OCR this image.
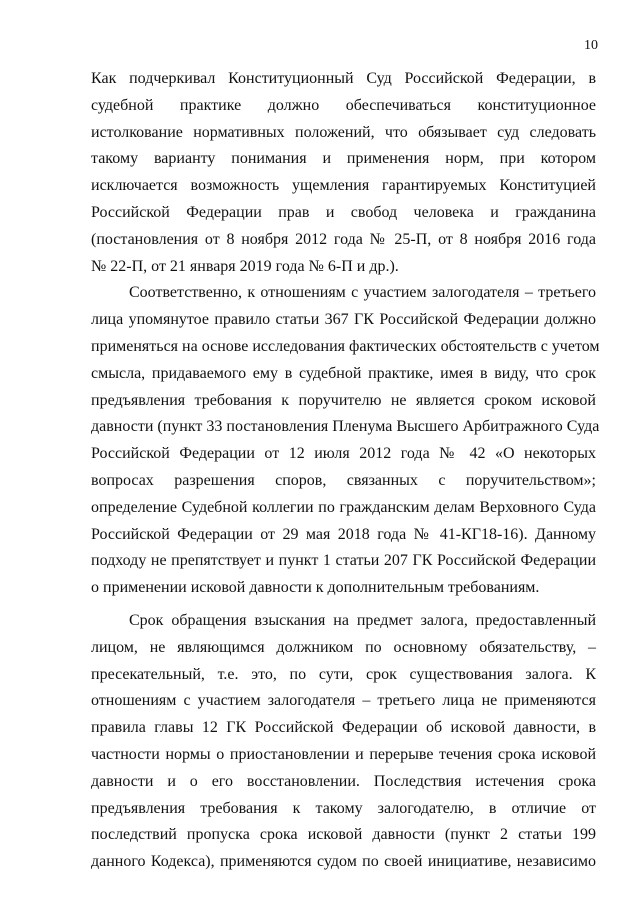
10
Как подчеркивал Конституционный Суд Российской Федерации, в
судебной практике должно обеспечиваться конституционное
истолкование нормативных положений, что обязывает суд следовать
такому варианту понимания и применения норм, при котором
исключается возможность ущемления гарантируемых Конституцией
Российской Федерации прав и свобод человека и гражданина
(постановления от 8 ноября 2012 года № 25-П, от 8 ноября 2016 года
№ 22-П, от 21 января 2019 года № 6-П и др.).
Соответственно, к отношениям с участием залогодателя – третьего
лица упомянутое правило статьи 367 ГК Российской Федерации должно
применяться на основе исследования фактических обстоятельств с учетом
смысла, придаваемого ему в судебной практике, имея в виду, что срок
предъявления требования к поручителю не является сроком исковой
давности (пункт 33 постановления Пленума Высшего Арбитражного Суда
Российской Федерации от 12 июля 2012 года № 42 «О некоторых
вопросах разрешения споров, связанных с поручительством»;
определение Судебной коллегии по гражданским делам Верховного Суда
Российской Федерации от 29 мая 2018 года № 41-КГ18-16). Данному
подходу не препятствует и пункт 1 статьи 207 ГК Российской Федерации
о применении исковой давности к дополнительным требованиям.
Срок обращения взыскания на предмет залога, предоставленный
лицом, не являющимся должником по основному обязательству, –
пресекательный, т.е. это, по сути, срок существования залога. К
отношениям с участием залогодателя – третьего лица не применяются
правила главы 12 ГК Российской Федерации об исковой давности, в
частности нормы о приостановлении и перерыве течения срока исковой
давности и о его восстановлении. Последствия истечения срока
предъявления требования к такому залогодателю, в отличие от
последствий пропуска срока исковой давности (пункт 2 статьи 199
данного Кодекса), применяются судом по своей инициативе, независимо
